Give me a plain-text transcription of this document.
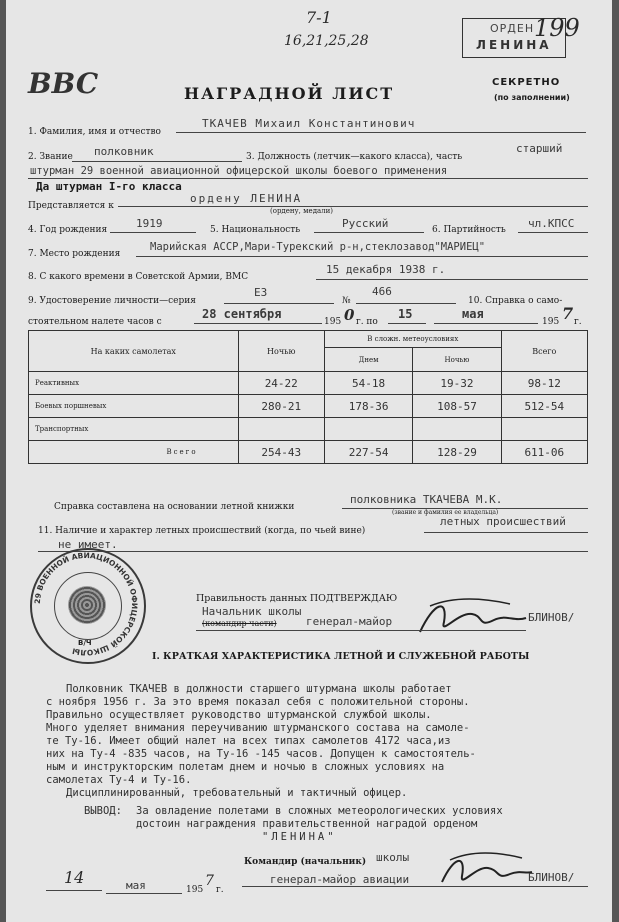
7-1
16,21,25,28
ОРДЕН
ЛЕНИНА
199
BBC	НАГРАДНОЙ ЛИСТ
СЕКРЕТНО
(по заполнении)
1. Фамилия, имя и отчество
ТКАЧЕВ Михаил Константинович
2. Звание полковник	3. Должность (летчик—какого класса), часть
старший
штурман 29 военной авиационной офицерской школы боевого применения
Да штурман I-го класса
Представляется к
ордену ЛЕНИНА
(ордену, медали)
4. Год рождения	1919	5. Национальность	Русский	6. Партийность чл.КПСС
7. Место рождения
Марийская АССР,Мари-Турекский р-н,стеклозавод"МАРИЕЦ"
8. С какого времени в Советской Армии, ВМС
15 декабря 1938 г.
9. Удостоверение личности—серия
ЕЗ
№
466
10. Справка о само-
стоятельном налете часов с
28 сентября
195 0 г. по
15	мая
195 7 г.
На каких самолетах	Ночью	В сложн. метеоусловиях		Всего
		Днем	Ночью	
Реактивных	24-22	54-18	19-32	98-12
Боевых поршневых	280-21	178-36	108-57	512-54
Транспортных				
Всего	254-43	227-54	128-29	611-06
Справка составлена на основании летной книжки
полковника ТКАЧЕВА М.К.
(звание и фамилия ее владельца)
11. Наличие и характер летных происшествий (когда, по чьей вине)
летных происшествий
не имеет.
29 ВОЕННОЙ АВИАЦИОННОЙ ОФИЦЕРСКОЙ ШКОЛЫ
В/Ч
Правильность данных ПОДТВЕРЖДАЮ
Начальник школы
(командир части)	генерал-майор	БЛИНОВ/
I. КРАТКАЯ ХАРАКТЕРИСТИКА ЛЕТНОЙ И СЛУЖЕБНОЙ РАБОТЫ
Полковник ТКАЧЕВ в должности старшего штурмана школы работает
с ноября 1956 г. За это время показал себя с положительной стороны.
Правильно осуществляет руководство штурманской службой школы.
Много уделяет внимания переучиванию штурманского состава на самоле-
те Ту-16. Имеет общий налет на всех типах самолетов 4172 часа,из
них на Ту-4 -835 часов, на Ту-16 -145 часов. Допущен к самостоятель-
ным и инструкторским полетам днем и ночью в сложных условиях на
самолетах Ту-4 и Ту-16.
Дисциплинированный, требовательный и тактичный офицер.
ВЫВОД: За овладение полетами в сложных метеорологических условиях
достоин награждения правительственной наградой орденом
"ЛЕНИНА"
Командир (начальник) школы
генерал-майор авиации	БЛИНОВ/
14	мая	195
7
г.
